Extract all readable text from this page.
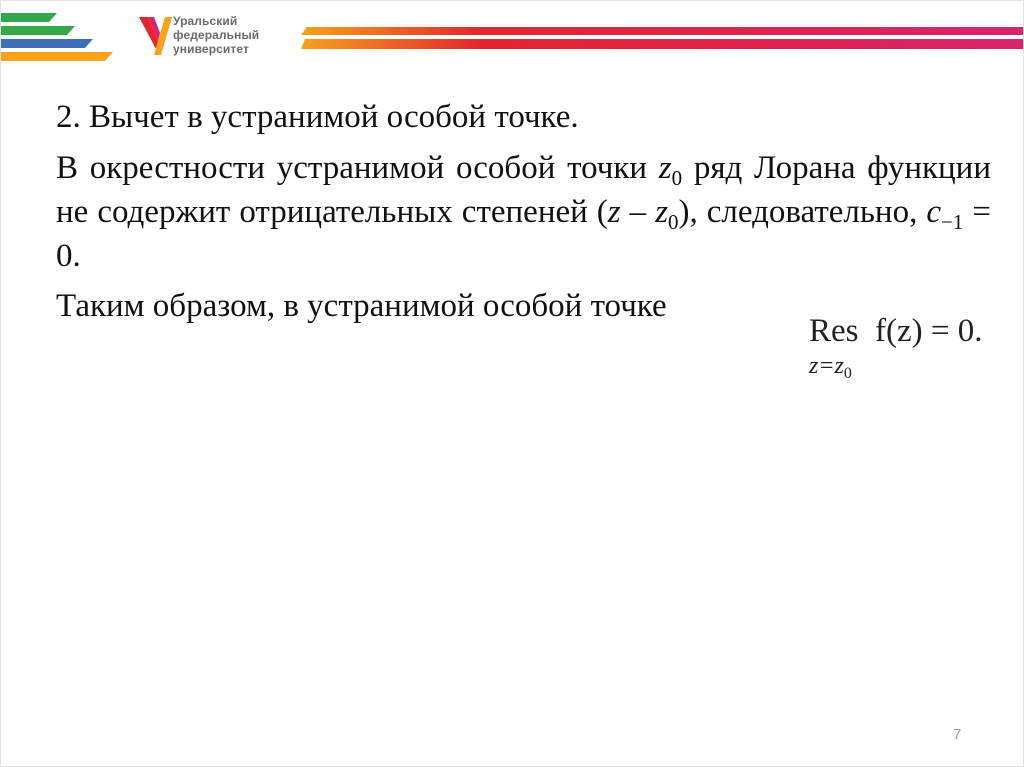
Уральский
федеральный
университет

2. Вычет в устранимой особой точке.

В окрестности устранимой особой точки $z_0$ ряд Лорана функции не содержит отрицательных степеней $(z - z_0)$, следовательно, $c_{-1} = 0$.

Таким образом, в устранимой особой точке

Res f(z) = 0.
$z=z_0$
7
